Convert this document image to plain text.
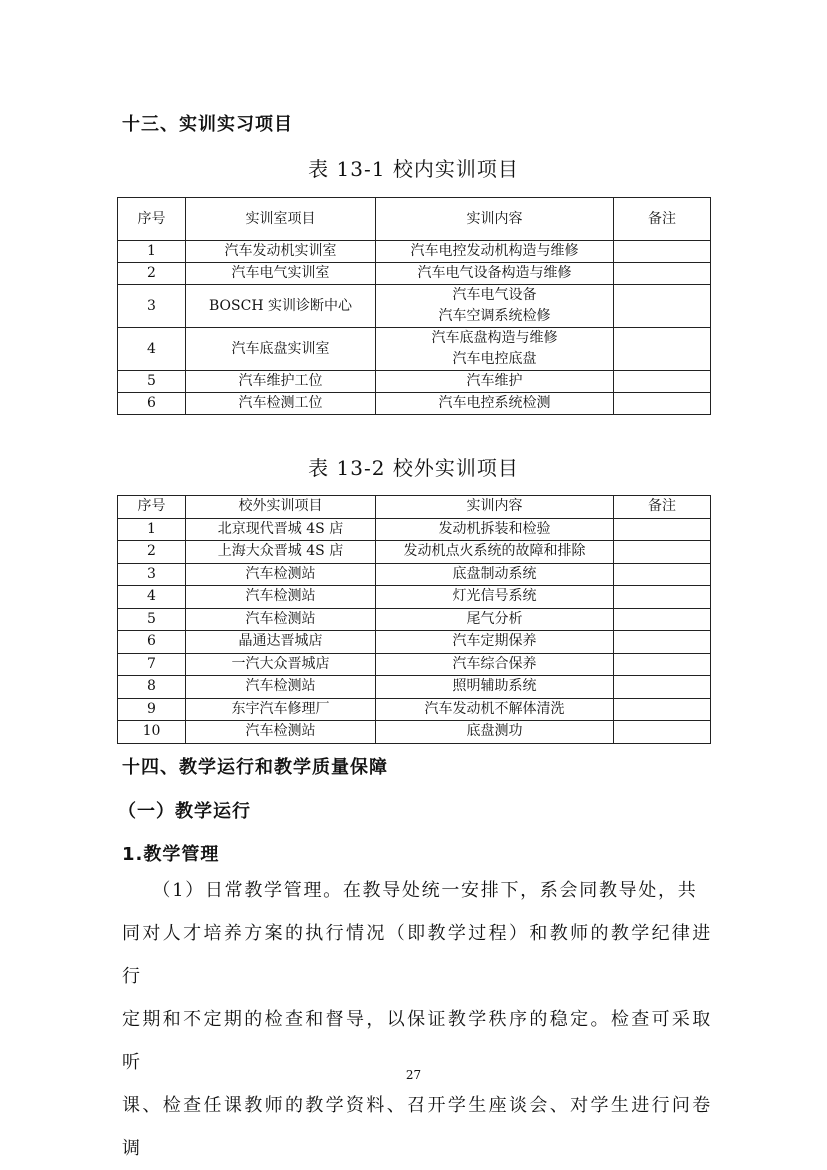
十三、实训实习项目
表 13-1 校内实训项目
序号	实训室项目	实训内容	备注
1	汽车发动机实训室	汽车电控发动机构造与维修	

2	汽车电气实训室	汽车电气设备构造与维修	

3	BOSCH 实训诊断中心	汽车电气设备
汽车空调系统检修	

4	汽车底盘实训室	汽车底盘构造与维修
汽车电控底盘	

5	汽车维护工位	汽车维护	

6	汽车检测工位	汽车电控系统检测	

表 13-2 校外实训项目
序号	校外实训项目	实训内容	备注
1	北京现代晋城 4S 店	发动机拆装和检验	
2	上海大众晋城 4S 店	发动机点火系统的故障和排除	
3	汽车检测站	底盘制动系统	
4	汽车检测站	灯光信号系统	
5	汽车检测站	尾气分析	
6	晶通达晋城店	汽车定期保养	
7	一汽大众晋城店	汽车综合保养	
8	汽车检测站	照明辅助系统	
9	东宇汽车修理厂	汽车发动机不解体清洗	
10	汽车检测站	底盘测功	
十四、教学运行和教学质量保障
（一）教学运行
1.教学管理
　　（1）日常教学管理。在教导处统一安排下，系会同教导处，共
同对人才培养方案的执行情况（即教学过程）和教师的教学纪律进行
定期和不定期的检查和督导，以保证教学秩序的稳定。检查可采取听
课、检查任课教师的教学资料、召开学生座谈会、对学生进行问卷调
27
